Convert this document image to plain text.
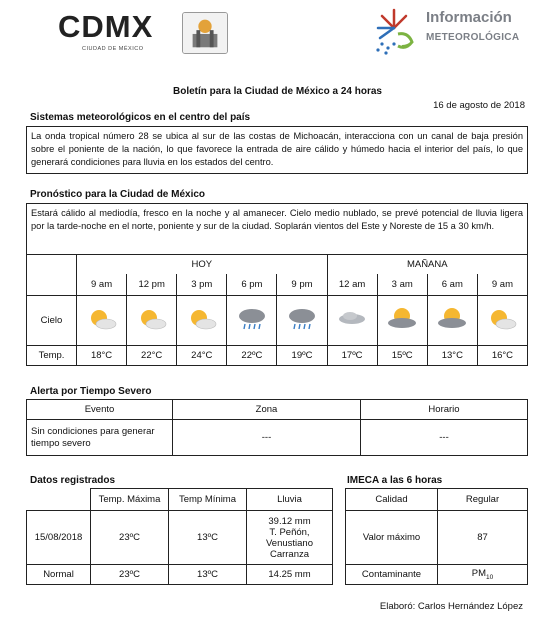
CDMX
CIUDAD DE MÉXICO
Información
METEOROLÓGICA
Boletín para la Ciudad de México a 24 horas
16 de agosto de 2018
Sistemas meteorológicos en el centro del país
La onda tropical número 28 se ubica al sur de las costas de Michoacán, interacciona con un canal de baja presión sobre el poniente de la nación, lo que favorece la entrada de aire cálido y húmedo hacia el interior del país, lo que generará condiciones para lluvia en los estados del centro.
Pronóstico para la Ciudad de México
Estará cálido al mediodía, fresco en la noche y al amanecer. Cielo medio nublado, se prevé potencial de lluvia ligera por la tarde-noche en el norte, poniente y sur de la ciudad. Soplarán vientos del Este y Noreste de 15 a 30 km/h.
	HOY					MAÑANA			
	9 am	12 pm	3 pm	6 pm	9 pm	12 am	3 am	6 am	9 am
Cielo									
Temp.	18°C	22°C	24°C	22ºC	19ºC	17ºC	15ºC	13°C	16°C
Alerta por Tiempo Severo
Evento	Zona	Horario
Sin condiciones para generar tiempo severo	---	---
Datos registrados
	Temp. Máxima	Temp Mínima	Lluvia
15/08/2018	23ºC	13ºC	39.12 mm
T. Peñón, Venustiano Carranza

Normal	23ºC	13ºC	14.25 mm
IMECA a las 6 horas
Calidad	Regular
Valor máximo	87
Contaminante	$PM_{10}$
Elaboró: Carlos Hernández López
